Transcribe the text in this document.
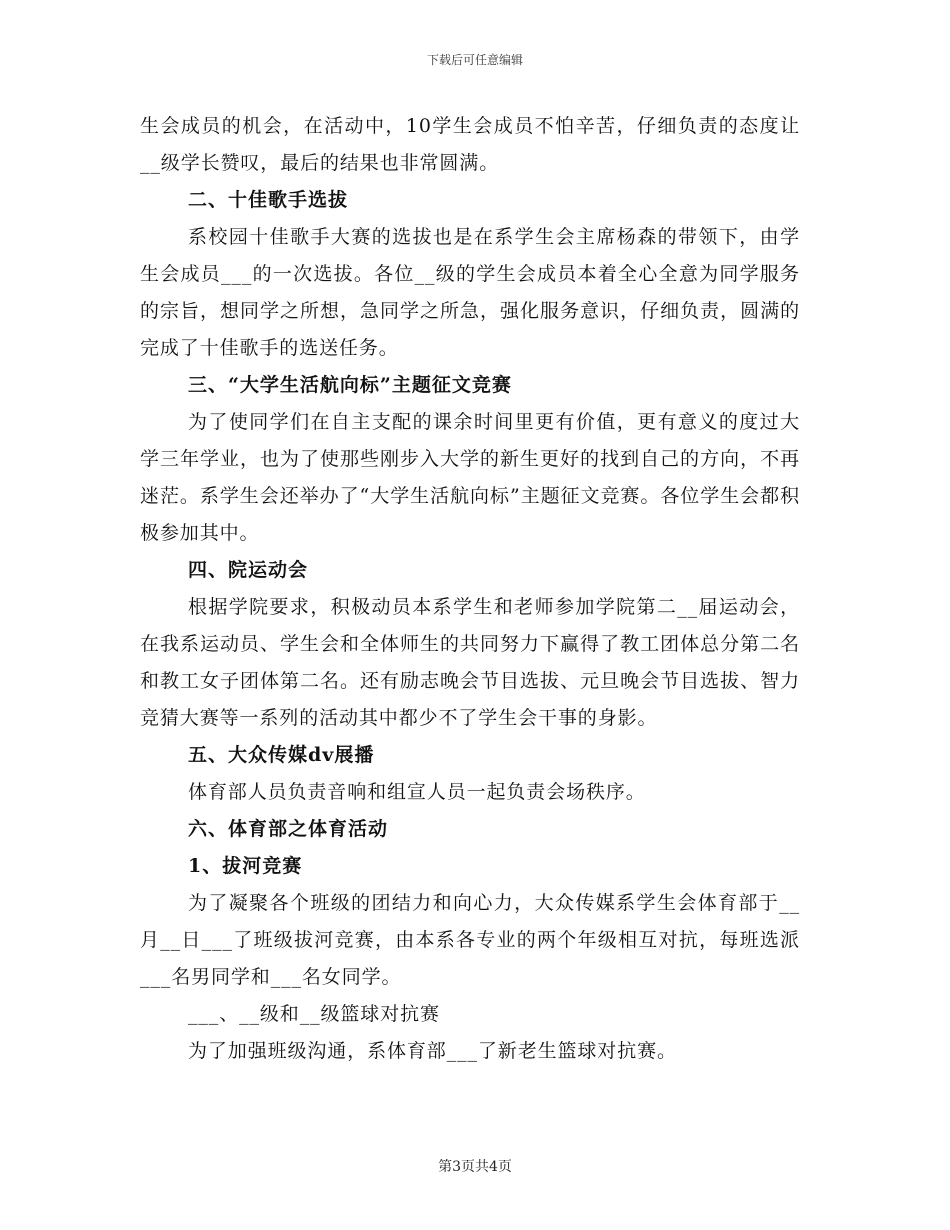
下载后可任意编辑

生会成员的机会，在活动中，10学生会成员不怕辛苦，仔细负责的态度让__级学长赞叹，最后的结果也非常圆满。

二、十佳歌手选拔

系校园十佳歌手大赛的选拔也是在系学生会主席杨森的带领下，由学生会成员___的一次选拔。各位__级的学生会成员本着全心全意为同学服务的宗旨，想同学之所想，急同学之所急，强化服务意识，仔细负责，圆满的完成了十佳歌手的选送任务。

三、“大学生活航向标”主题征文竞赛

为了使同学们在自主支配的课余时间里更有价值，更有意义的度过大学三年学业，也为了使那些刚步入大学的新生更好的找到自己的方向，不再迷茫。系学生会还举办了“大学生活航向标”主题征文竞赛。各位学生会都积极参加其中。

四、院运动会

根据学院要求，积极动员本系学生和老师参加学院第二__届运动会，在我系运动员、学生会和全体师生的共同努力下赢得了教工团体总分第二名和教工女子团体第二名。还有励志晚会节目选拔、元旦晚会节目选拔、智力竞猜大赛等一系列的活动其中都少不了学生会干事的身影。

五、大众传媒dv展播

体育部人员负责音响和组宣人员一起负责会场秩序。

六、体育部之体育活动

1、拔河竞赛

为了凝聚各个班级的团结力和向心力，大众传媒系学生会体育部于__月__日___了班级拔河竞赛，由本系各专业的两个年级相互对抗，每班选派___名男同学和___名女同学。

___、__级和__级篮球对抗赛

为了加强班级沟通，系体育部___了新老生篮球对抗赛。

第3页共4页
